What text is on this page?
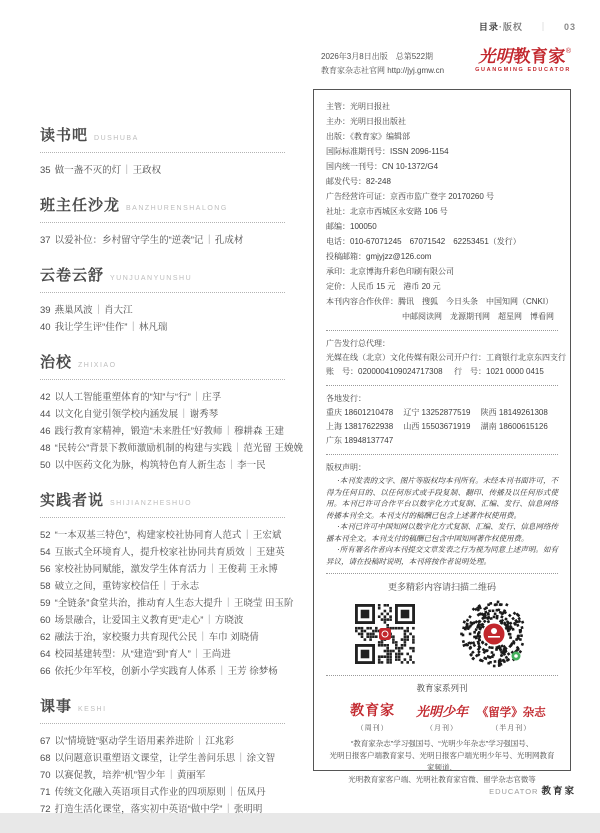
目录·版权 ｜ 03
读书吧 DUSHUBA
35 做一盏不灭的灯｜王政权
班主任沙龙 BANZHURENSHALONG
37 以爱补位：乡村留守学生的“逆袭”记｜孔成材
云卷云舒 YUNJUANYUNSHU
39 燕巢风波｜肖大江
40 我让学生评“佳作”｜林凡瑞
治校 ZHIXIAO
42 以人工智能重塑体育的“知”与“行”｜庄孚
44 以文化自觉引领学校内涵发展｜谢秀琴
46 践行教育家精神，锻造“未来胜任”好教师｜穆耕森 王建
48 “民转公”背景下教师激励机制的构建与实践｜范光留 王娩娩
50 以中医药文化为脉，构筑特色育人新生态｜李一民
实践者说 SHIJIANZHESHUO
52 “一本双基三特色”，构建家校社协同育人范式｜王宏斌
54 互嵌式全环境育人，提升校家社协同共育质效｜王建英
56 家校社协同赋能，激发学生体育活力｜王俊莉 王永博
58 破立之间，重铸家校信任｜于永志
59 “全链条”食堂共治，推动育人生态大提升｜王晓莹 田玉阶
60 场景融合，让爱国主义教育更“走心”｜方晓波
62 融法于治，家校聚力共育现代公民｜车巾 刘晓倩
64 校园基建转型：从“建造”到“育人”｜王尚进
66 依托少年军校，创新小学实践育人体系｜王芳 徐梦杨
课事 KESHI
67 以“情境链”驱动学生语用素养进阶｜江兆彩
68 以问题意识重塑语文课堂，让学生善问乐思｜涂文智
70 以赛促教，培养“机”智少年｜黄丽军
71 传统文化融入英语项目式作业的四项原则｜伍凤丹
72 打造生活化课堂，落实初中英语“做中学”｜张明明
2026年3月8日出版　总第522期
教育家杂志社官网 http://jyj.gmw.cn
光明教育家®
GUANGMING EDUCATOR
主管：光明日报社
主办：光明日报出版社
出版：《教育家》编辑部
国际标准期刊号：ISSN 2096-1154
国内统一刊号：CN 10-1372/G4
邮发代号：82-248
广告经营许可证：京西市监广登字 20170260 号
社址：北京市西城区永安路 106 号
邮编：100050
电话：010-67071245　67071542　62253451（发行）
投稿邮箱：gmjyjzz@126.com
承印：北京博海升彩色印刷有限公司
定价：人民币 15 元　港币 20 元
本刊内容合作伙伴：腾讯　搜狐　今日头条　中国知网（CNKI）
中邮阅读网　龙源期刊网　超星网　博看网
广告发行总代理：
光媒在线（北京）文化传媒有限公司 开户行：工商银行北京东四支行
账　号：0200004109024717308	行　号：1021 0000 0415
各地发行：
重庆 18601210478	辽宁 13252877519	陕西 18149261308
上海 13817622938	山西 15503671919	湖南 18600615126
广东 18948137747
版权声明：

·本刊发表的文字、图片等版权均本刊所有。未经本刊书面许可，不得为任何目的、以任何形式或手段复制、翻印、传播及以任何形式使用。本刊已许可合作平台以数字化方式复制、汇编、发行、信息网络传播本刊全文。本刊支付的稿酬已包含上述著作权使用费。

·本刊已许可中国知网以数字化方式复制、汇编、发行、信息网络传播本刊全文。本刊支付的稿酬已包含中国知网著作权使用费。

·所有署名作者向本刊提交文章发表之行为视为同意上述声明。如有异议，请在投稿时说明，本刊将按作者说明处理。

更多精彩内容请扫描二维码
教育家系列刊
教育家
（周刊）
光明少年
（月刊）
《留学》杂志
（半月刊）
“教育家杂志”学习强国号、“光明少年杂志”学习强国号、
光明日报客户端教育家号、光明日报客户端光明少年号、光明网教育家频道、
光明教育家客户端、光明社教育家官微、留学杂志官微等
EDUCATOR 教育家
